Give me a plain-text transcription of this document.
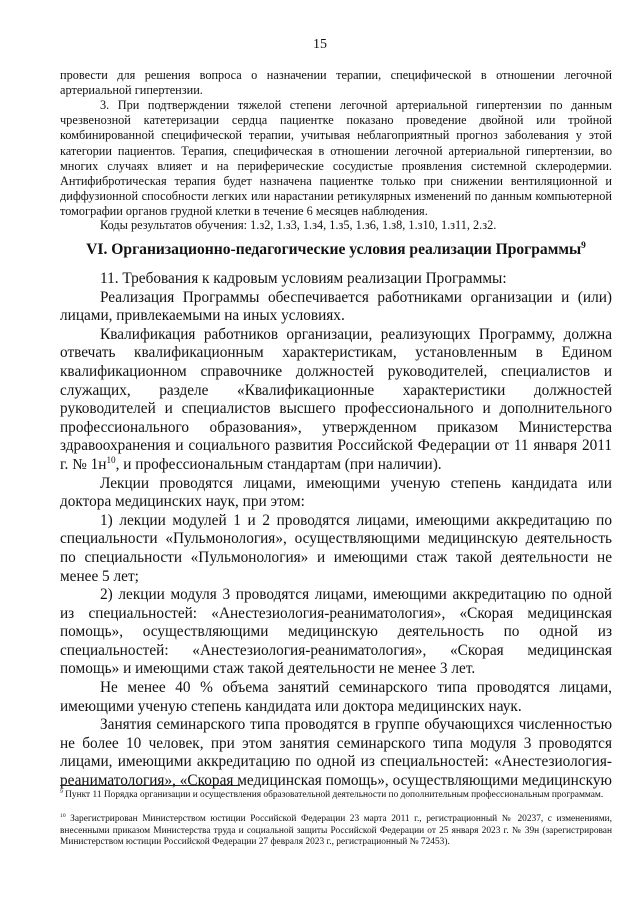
15

провести для решения вопроса о назначении терапии, специфической в отношении легочной артериальной гипертензии.

3. При подтверждении тяжелой степени легочной артериальной гипертензии по данным чрезвенозной катетеризации сердца пациентке показано проведение двойной или тройной комбинированной специфической терапии, учитывая неблагоприятный прогноз заболевания у этой категории пациентов. Терапия, специфическая в отношении легочной артериальной гипертензии, во многих случаях влияет и на периферические сосудистые проявления системной склеродермии. Антифибротическая терапия будет назначена пациентке только при снижении вентиляционной и диффузионной способности легких или нарастании ретикулярных изменений по данным компьютерной томографии органов грудной клетки в течение 6 месяцев наблюдения.

Коды результатов обучения: 1.з2, 1.з3, 1.з4, 1.з5, 1.з6, 1.з8, 1.з10, 1.з11, 2.з2.

VI. Организационно-педагогические условия реализации Программы$^9$

11. Требования к кадровым условиям реализации Программы:

Реализация Программы обеспечивается работниками организации и (или) лицами, привлекаемыми на иных условиях.

Квалификация работников организации, реализующих Программу, должна отвечать квалификационным характеристикам, установленным в Едином квалификационном справочнике должностей руководителей, специалистов и служащих, разделе «Квалификационные характеристики должностей руководителей и специалистов высшего профессионального и дополнительного профессионального образования», утвержденном приказом Министерства здравоохранения и социального развития Российской Федерации от 11 января 2011 г. № $1н^{10}$, и профессиональным стандартам (при наличии).

Лекции проводятся лицами, имеющими ученую степень кандидата или доктора медицинских наук, при этом:

1) лекции модулей 1 и 2 проводятся лицами, имеющими аккредитацию по специальности «Пульмонология», осуществляющими медицинскую деятельность по специальности «Пульмонология» и имеющими стаж такой деятельности не менее 5 лет;

2) лекции модуля 3 проводятся лицами, имеющими аккредитацию по одной из специальностей: «Анестезиология-реаниматология», «Скорая медицинская помощь», осуществляющими медицинскую деятельность по одной из специальностей: «Анестезиология-реаниматология», «Скорая медицинская помощь» и имеющими стаж такой деятельности не менее 3 лет.

Не менее 40 % объема занятий семинарского типа проводятся лицами, имеющими ученую степень кандидата или доктора медицинских наук.

Занятия семинарского типа проводятся в группе обучающихся численностью не более 10 человек, при этом занятия семинарского типа модуля 3 проводятся лицами, имеющими аккредитацию по одной из специальностей: «Анестезиология-реаниматология», «Скорая медицинская помощь», осуществляющими медицинскую

$^9$ Пункт 11 Порядка организации и осуществления образовательной деятельности по дополнительным профессиональным программам.

$^{10}$ Зарегистрирован Министерством юстиции Российской Федерации 23 марта 2011 г., регистрационный № 20237, с изменениями, внесенными приказом Министерства труда и социальной защиты Российской Федерации от 25 января 2023 г. № 39н (зарегистрирован Министерством юстиции Российской Федерации 27 февраля 2023 г., регистрационный № 72453).
